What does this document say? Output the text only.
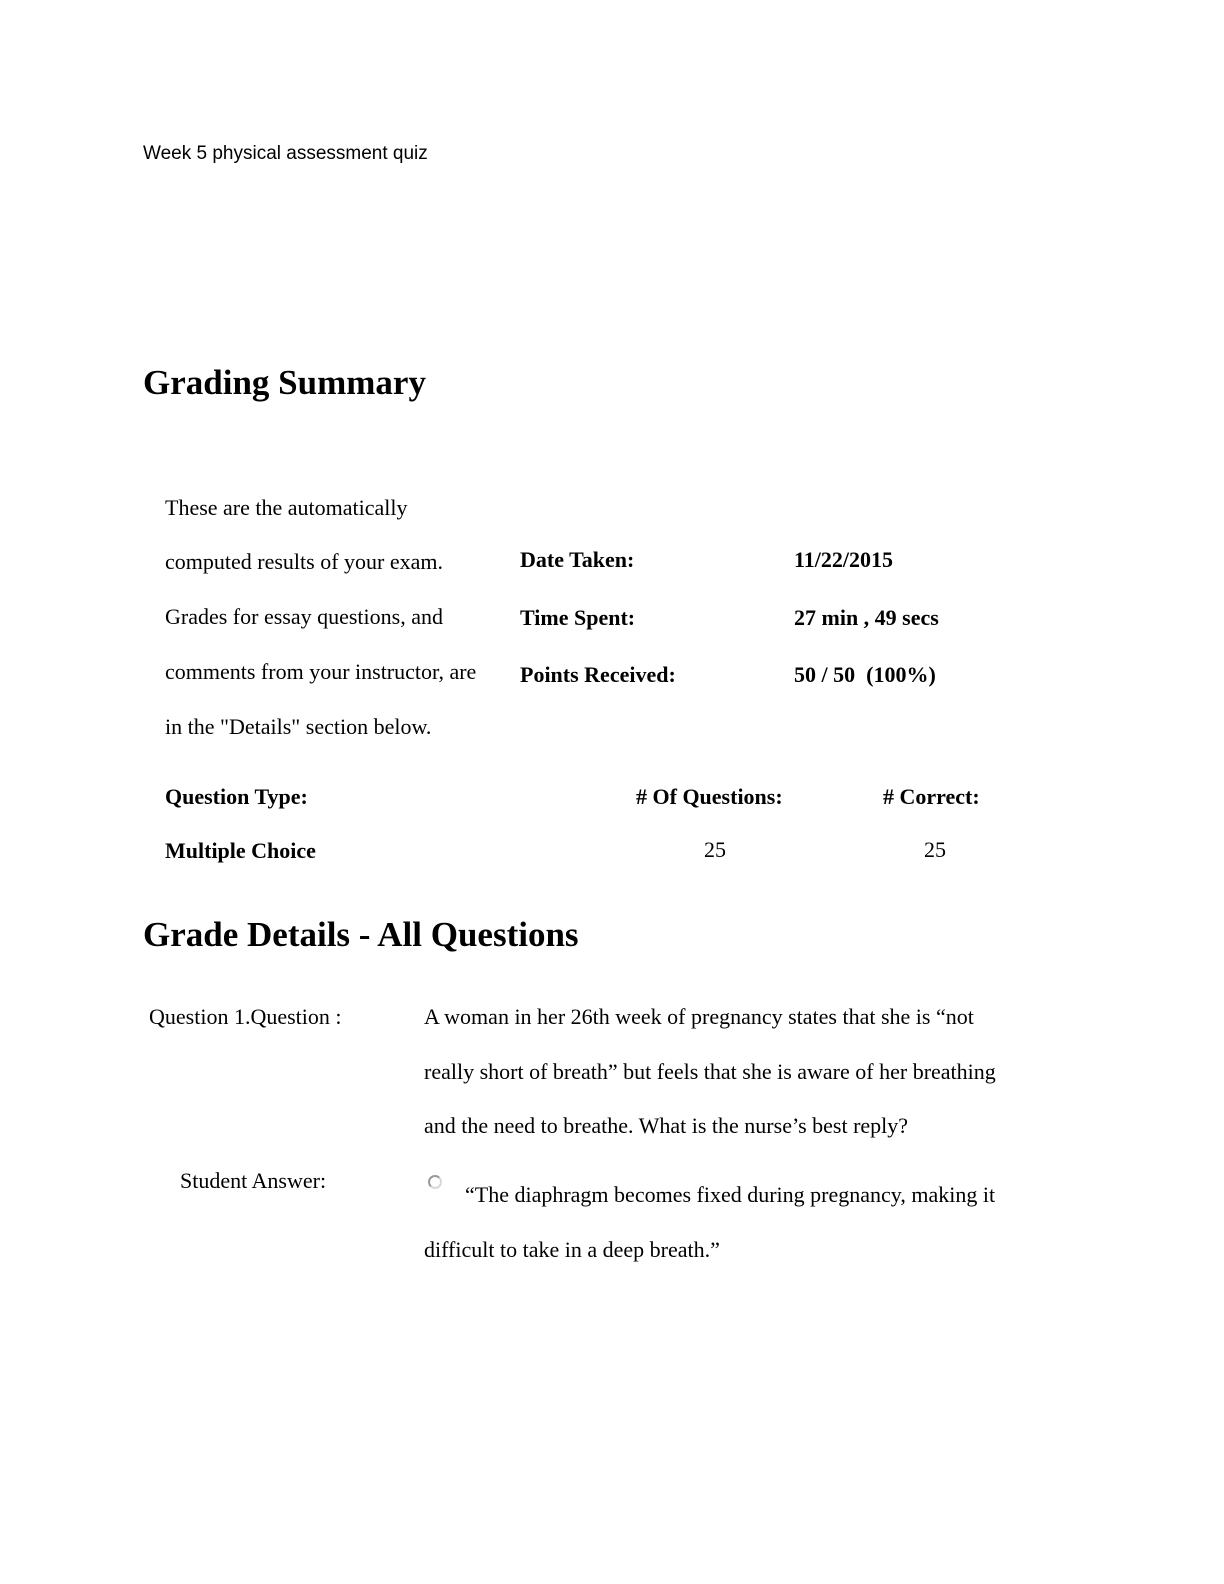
Week 5 physical assessment quiz
Grading Summary
These are the automatically
computed results of your exam.
Grades for essay questions, and
comments from your instructor, are
in the "Details" section below.
Date Taken:	11/22/2015
Time Spent:	27 min , 49 secs
Points Received:	50 / 50  (100%)
Question Type:	# Of Questions:	# Correct:
Multiple Choice	25	25
Grade Details - All Questions
Question 1.Question :	A woman in her 26th week of pregnancy states that she is “not
really short of breath” but feels that she is aware of her breathing
and the need to breathe. What is the nurse’s best reply?
Student Answer:
“The diaphragm becomes fixed during pregnancy, making it
difficult to take in a deep breath.”
